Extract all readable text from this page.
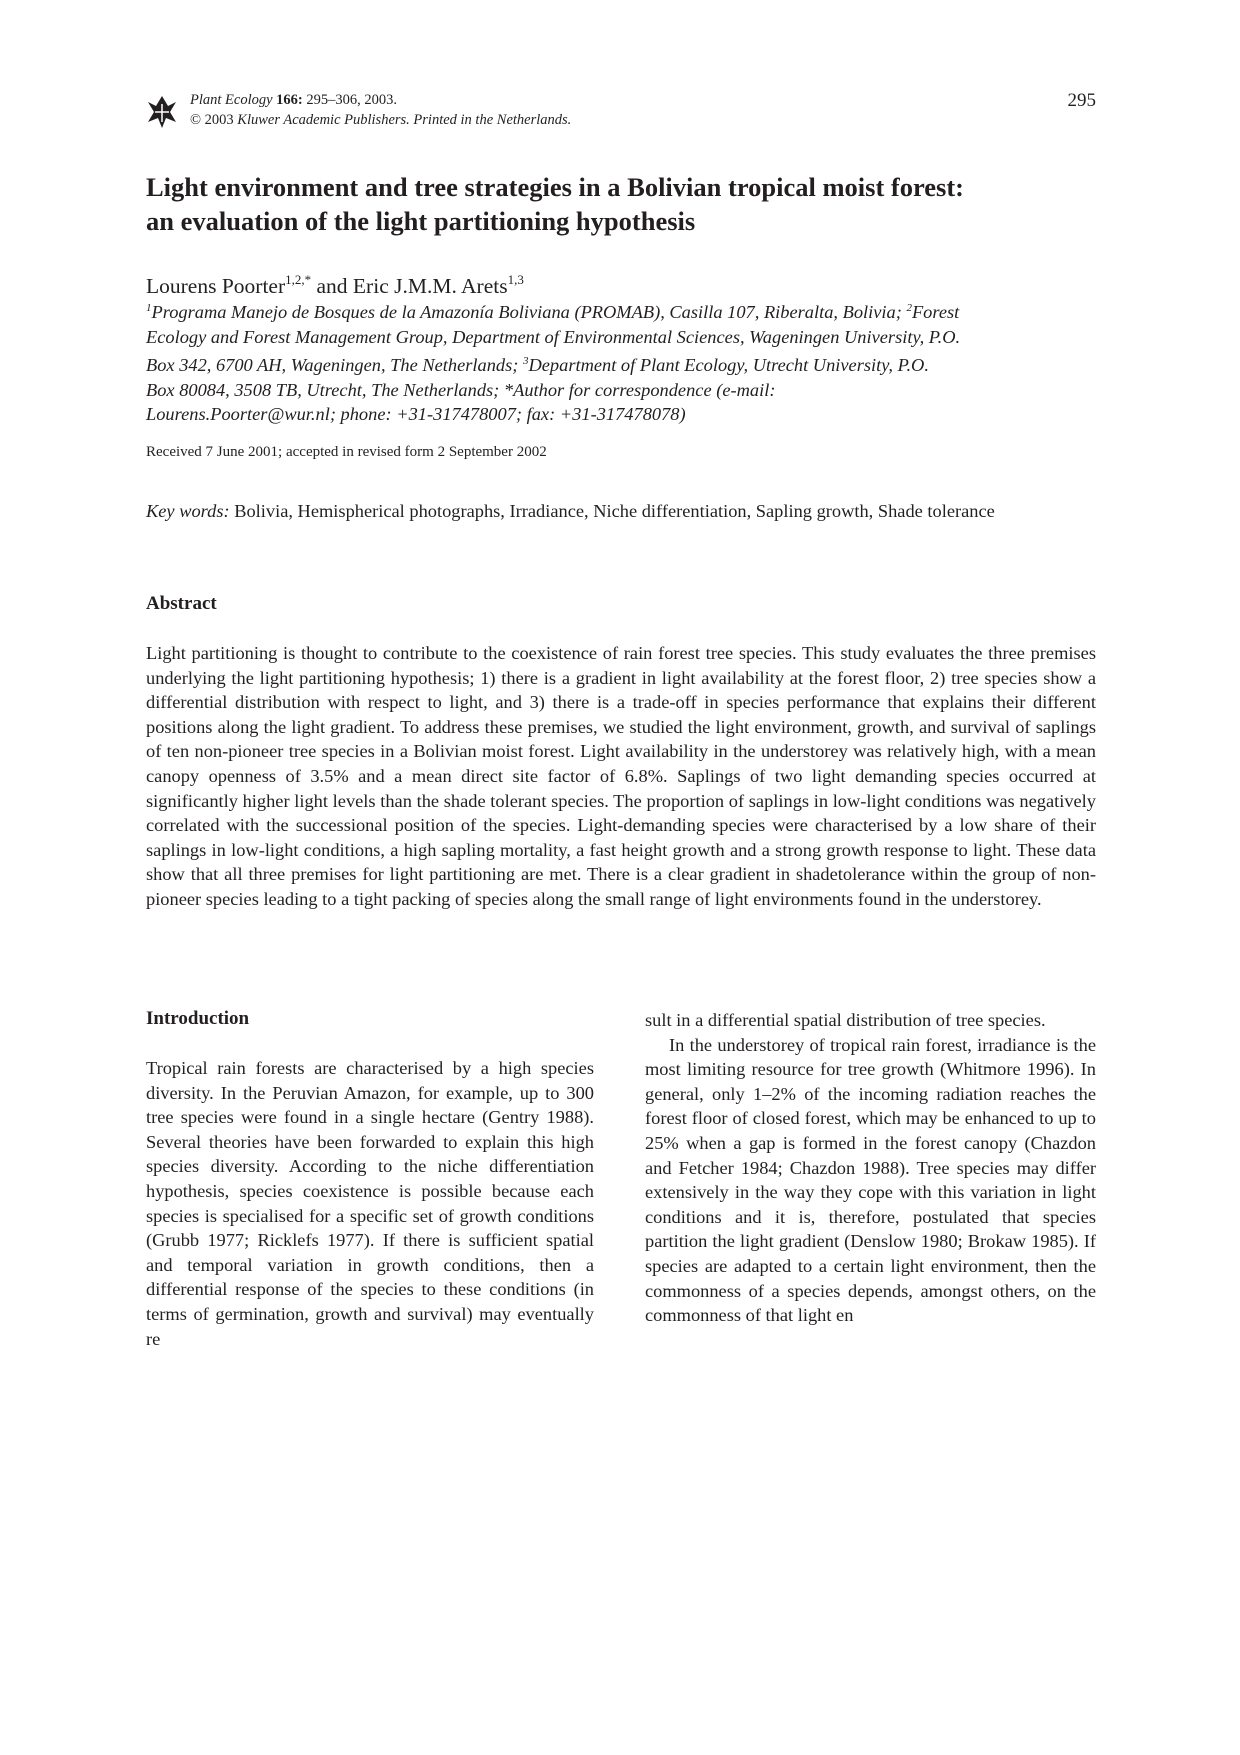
Plant Ecology 166: 295–306, 2003.
© 2003 Kluwer Academic Publishers. Printed in the Netherlands.
295
Light environment and tree strategies in a Bolivian tropical moist forest:
an evaluation of the light partitioning hypothesis
Lourens Poorter$^{1,2,*}$ and Eric J.M.M. Arets$^{1,3}$
$^1$Programa Manejo de Bosques de la Amazonía Boliviana (PROMAB), Casilla 107, Riberalta, Bolivia; $^2$Forest
Ecology and Forest Management Group, Department of Environmental Sciences, Wageningen University, P.O.
Box 342, 6700 AH, Wageningen, The Netherlands; $^3$Department of Plant Ecology, Utrecht University, P.O.
Box 80084, 3508 TB, Utrecht, The Netherlands; *Author for correspondence (e-mail:
Lourens.Poorter@wur.nl; phone: +31-317478007; fax: +31-317478078)
Received 7 June 2001; accepted in revised form 2 September 2002
Key words: Bolivia, Hemispherical photographs, Irradiance, Niche differentiation, Sapling growth, Shade tolerance
Abstract

Light partitioning is thought to contribute to the coexistence of rain forest tree species. This study evaluates the three premises underlying the light partitioning hypothesis; 1) there is a gradient in light availability at the forest floor, 2) tree species show a differential distribution with respect to light, and 3) there is a trade-off in species performance that explains their different positions along the light gradient. To address these premises, we studied the light environment, growth, and survival of saplings of ten non-pioneer tree species in a Bolivian moist forest. Light availability in the understorey was relatively high, with a mean canopy openness of 3.5% and a mean direct site factor of 6.8%. Saplings of two light demanding species occurred at significantly higher light levels than the shade tolerant species. The proportion of saplings in low-light conditions was negatively correlated with the successional position of the species. Light-demanding species were characterised by a low share of their saplings in low-light conditions, a high sapling mortality, a fast height growth and a strong growth response to light. These data show that all three premises for light partitioning are met. There is a clear gradient in shadetolerance within the group of non-pioneer species leading to a tight packing of species along the small range of light environments found in the understorey.

Introduction

Tropical rain forests are characterised by a high species diversity. In the Peruvian Amazon, for example, up to 300 tree species were found in a single hectare (Gentry 1988). Several theories have been forwarded to explain this high species diversity. According to the niche differentiation hypothesis, species coexistence is possible because each species is specialised for a specific set of growth conditions (Grubb 1977; Ricklefs 1977). If there is sufficient spatial and temporal variation in growth conditions, then a differential response of the species to these conditions (in terms of germination, growth and survival) may eventually re

sult in a differential spatial distribution of tree species.

In the understorey of tropical rain forest, irradiance is the most limiting resource for tree growth (Whitmore 1996). In general, only 1–2% of the incoming radiation reaches the forest floor of closed forest, which may be enhanced to up to 25% when a gap is formed in the forest canopy (Chazdon and Fetcher 1984; Chazdon 1988). Tree species may differ extensively in the way they cope with this variation in light conditions and it is, therefore, postulated that species partition the light gradient (Denslow 1980; Brokaw 1985). If species are adapted to a certain light environment, then the commonness of a species depends, amongst others, on the commonness of that light en
